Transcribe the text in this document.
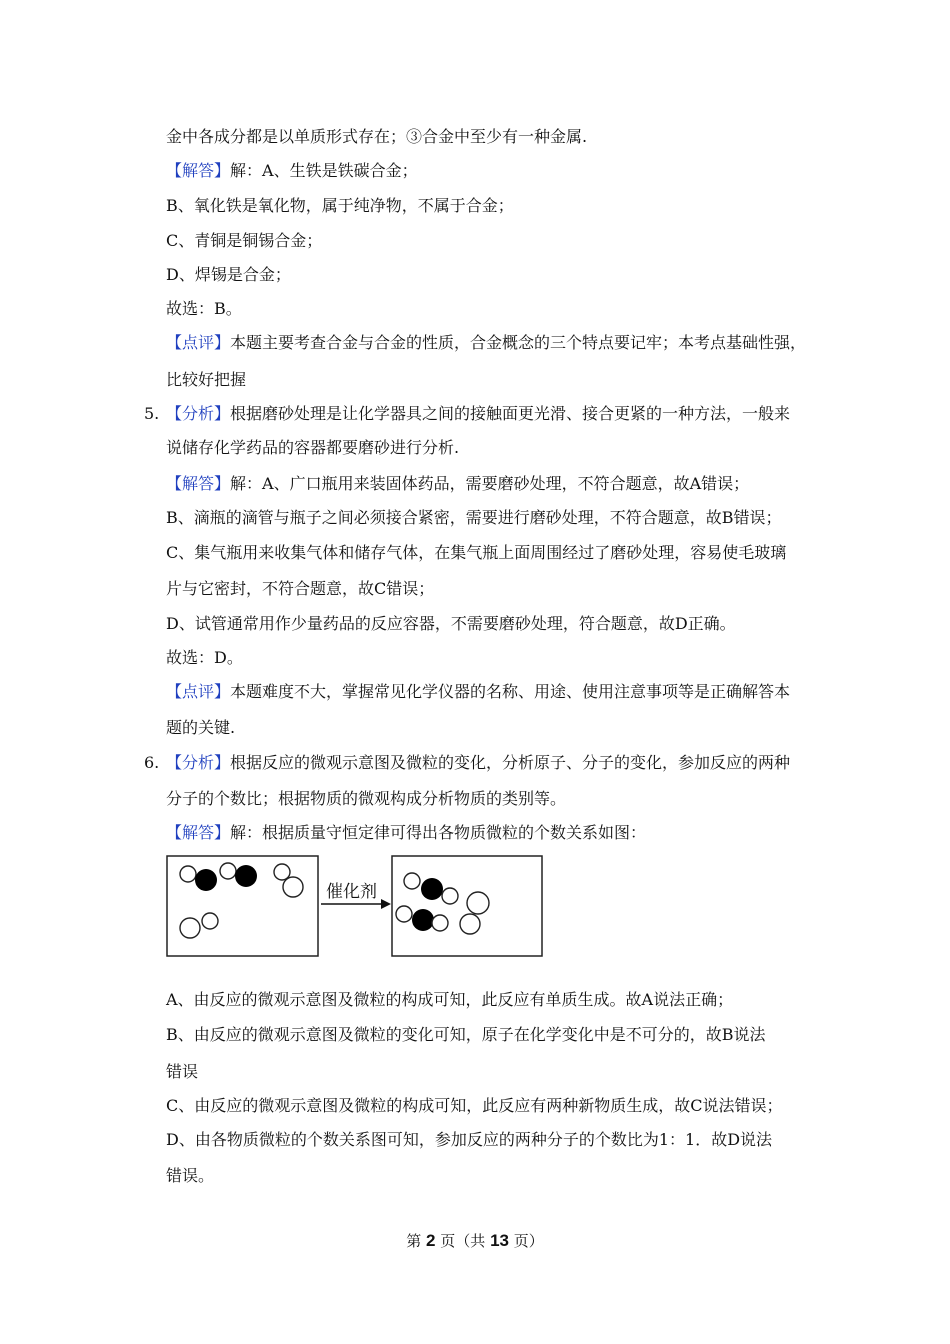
金中各成分都是以单质形式存在；③合金中至少有一种金属.
【解答】解：A、生铁是铁碳合金；
B、氧化铁是氧化物，属于纯净物，不属于合金；
C、青铜是铜锡合金；
D、焊锡是合金；
故选：B。
【点评】本题主要考查合金与合金的性质，合金概念的三个特点要记牢；本考点基础性强，
比较好把握
【分析】根据磨砂处理是让化学器具之间的接触面更光滑、接合更紧的一种方法，一般来
说储存化学药品的容器都要磨砂进行分析.
【解答】解：A、广口瓶用来装固体药品，需要磨砂处理，不符合题意，故A错误；
B、滴瓶的滴管与瓶子之间必须接合紧密，需要进行磨砂处理，不符合题意，故B错误；
C、集气瓶用来收集气体和储存气体，在集气瓶上面周围经过了磨砂处理，容易使毛玻璃
片与它密封，不符合题意，故C错误；
D、试管通常用作少量药品的反应容器，不需要磨砂处理，符合题意，故D正确。
故选：D。
【点评】本题难度不大，掌握常见化学仪器的名称、用途、使用注意事项等是正确解答本
题的关键.
【分析】根据反应的微观示意图及微粒的变化，分析原子、分子的变化，参加反应的两种
分子的个数比；根据物质的微观构成分析物质的类别等。
【解答】解：根据质量守恒定律可得出各物质微粒的个数关系如图：
A、由反应的微观示意图及微粒的构成可知，此反应有单质生成。故A说法正确；
B、由反应的微观示意图及微粒的变化可知，原子在化学变化中是不可分的，故B说法
错误
C、由反应的微观示意图及微粒的构成可知，此反应有两种新物质生成，故C说法错误；
D、由各物质微粒的个数关系图可知，参加反应的两种分子的个数比为1：1．故D说法
错误。
5.
6.
催化剂
第 2 页（共 13 页）
